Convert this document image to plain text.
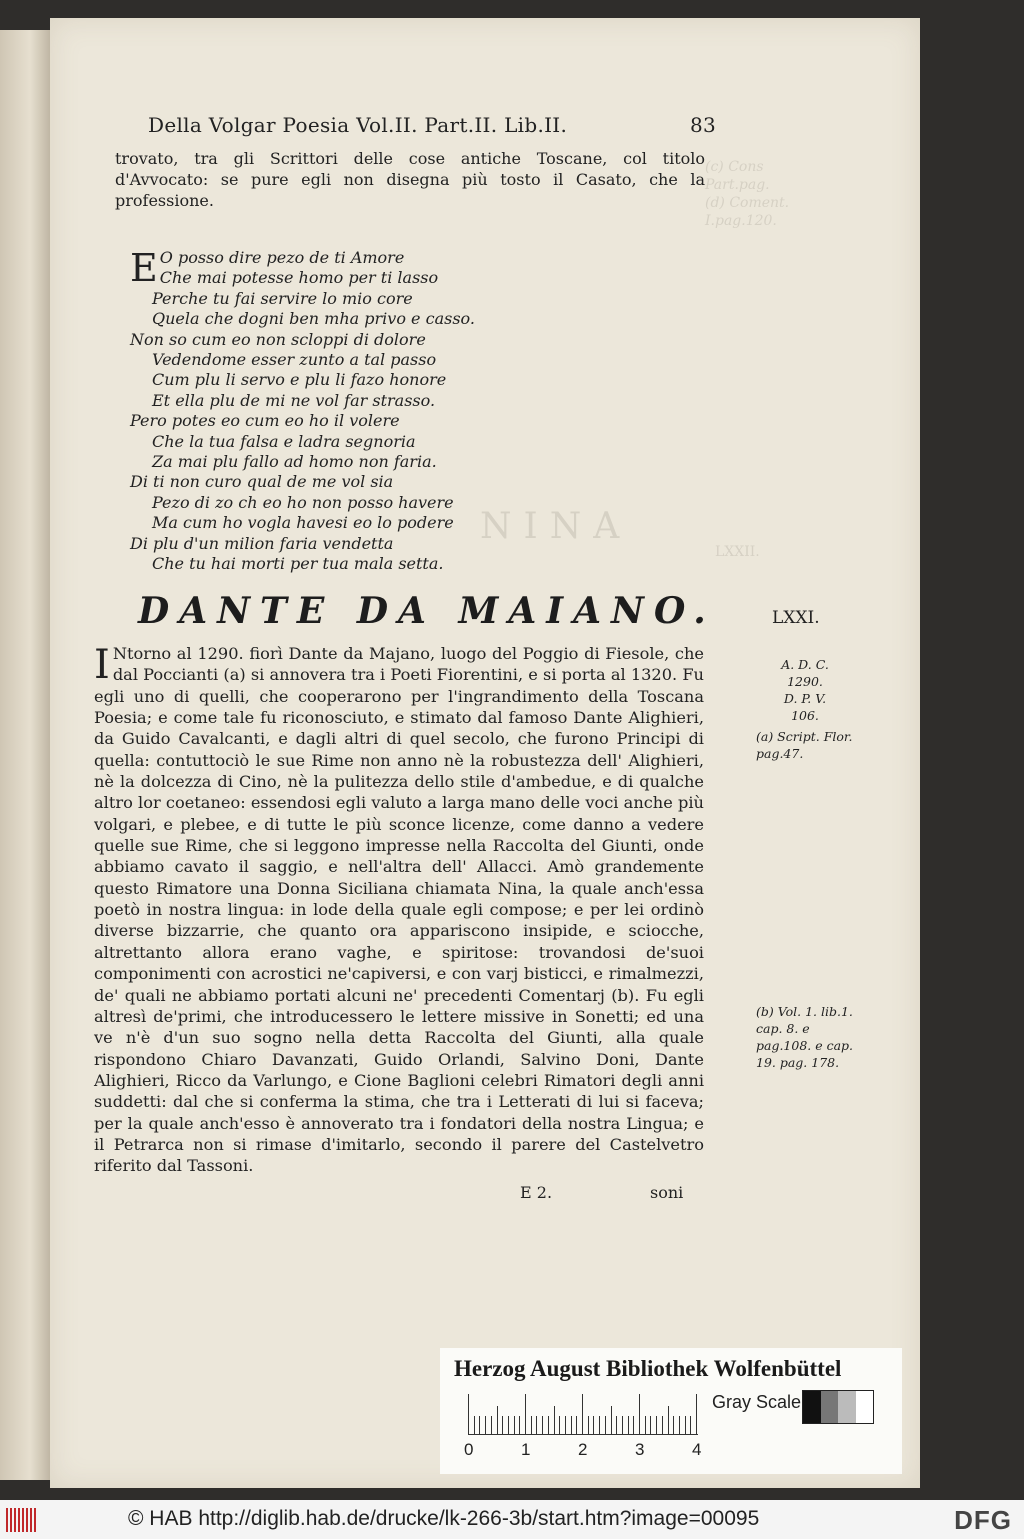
Della Volgar Poesia Vol.II. Part.II. Lib.II.	83
trovato, tra gli Scrittori delle cose antiche Toscane, col titolo d'Avvocato: se pure egli non disegna più tosto il Casato, che la professione.
(c) Cons
Part.pag.
(d) Coment.
I.pag.120.
LXXII.
NINA
E O posso dire pezo de ti Amore
Che mai potesse homo per ti lasso
Perche tu fai servire lo mio core
Quela che dogni ben mha privo e casso.
Non so cum eo non scloppi di dolore
Vedendome esser zunto a tal passo
Cum plu li servo e plu li fazo honore
Et ella plu de mi ne vol far strasso.
Pero potes eo cum eo ho il volere
Che la tua falsa e ladra segnoria
Za mai plu fallo ad homo non faria.
Di ti non curo qual de me vol sia
Pezo di zo ch eo ho non posso havere
Ma cum ho vogla havesi eo lo podere
Di plu d'un milion faria vendetta
Che tu hai morti per tua mala setta.
DANTE DA MAIANO.	LXXI.
I Ntorno al 1290. fiorì Dante da Majano, luogo del Poggio di Fiesole, che dal Poccianti (a) si annovera tra i Poeti Fiorentini, e si porta al 1320. Fu egli uno di quelli, che cooperarono per l'ingrandimento della Toscana Poesia; e come tale fu riconosciuto, e stimato dal famoso Dante Alighieri, da Guido Cavalcanti, e dagli altri di quel secolo, che furono Principi di quella: contuttociò le sue Rime non anno nè la robustezza dell' Alighieri, nè la dolcezza di Cino, nè la pulitezza dello stile d'ambedue, e di qualche altro lor coetaneo: essendosi egli valuto a larga mano delle voci anche più volgari, e plebee, e di tutte le più sconce licenze, come danno a vedere quelle sue Rime, che si leggono impresse nella Raccolta del Giunti, onde abbiamo cavato il saggio, e nell'altra dell' Allacci. Amò grandemente questo Rimatore una Donna Siciliana chiamata Nina, la quale anch'essa poetò in nostra lingua: in lode della quale egli compose; e per lei ordinò diverse bizzarrie, che quanto ora appariscono insipide, e sciocche, altrettanto allora erano vaghe, e spiritose: trovandosi de'suoi componimenti con acrostici ne'capiversi, e con varj bisticci, e rimalmezzi, de' quali ne abbiamo portati alcuni ne' precedenti Comentarj (b). Fu egli altresì de'primi, che introducessero le lettere missive in Sonetti; ed una ve n'è d'un suo sogno nella detta Raccolta del Giunti, alla quale rispondono Chiaro Davanzati, Guido Orlandi, Salvino Doni, Dante Alighieri, Ricco da Varlungo, e Cione Baglioni celebri Rimatori degli anni suddetti: dal che si conferma la stima, che tra i Letterati di lui si faceva; per la quale anch'esso è annoverato tra i fondatori della nostra Lingua; e il Petrarca non si rimase d'imitarlo, secondo il parere del Castelvetro riferito dal Tassoni.
A. D. C.
1290.
D. P. V.
106.
(a) Script. Flor. pag.47.
(b) Vol. 1. lib.1. cap. 8. e pag.108. e cap. 19. pag. 178.
E 2.	soni
Herzog August Bibliothek Wolfenbüttel
0	1	2	3	4
Gray Scale
© HAB http://diglib.hab.de/drucke/lk-266-3b/start.htm?image=00095	DFG
